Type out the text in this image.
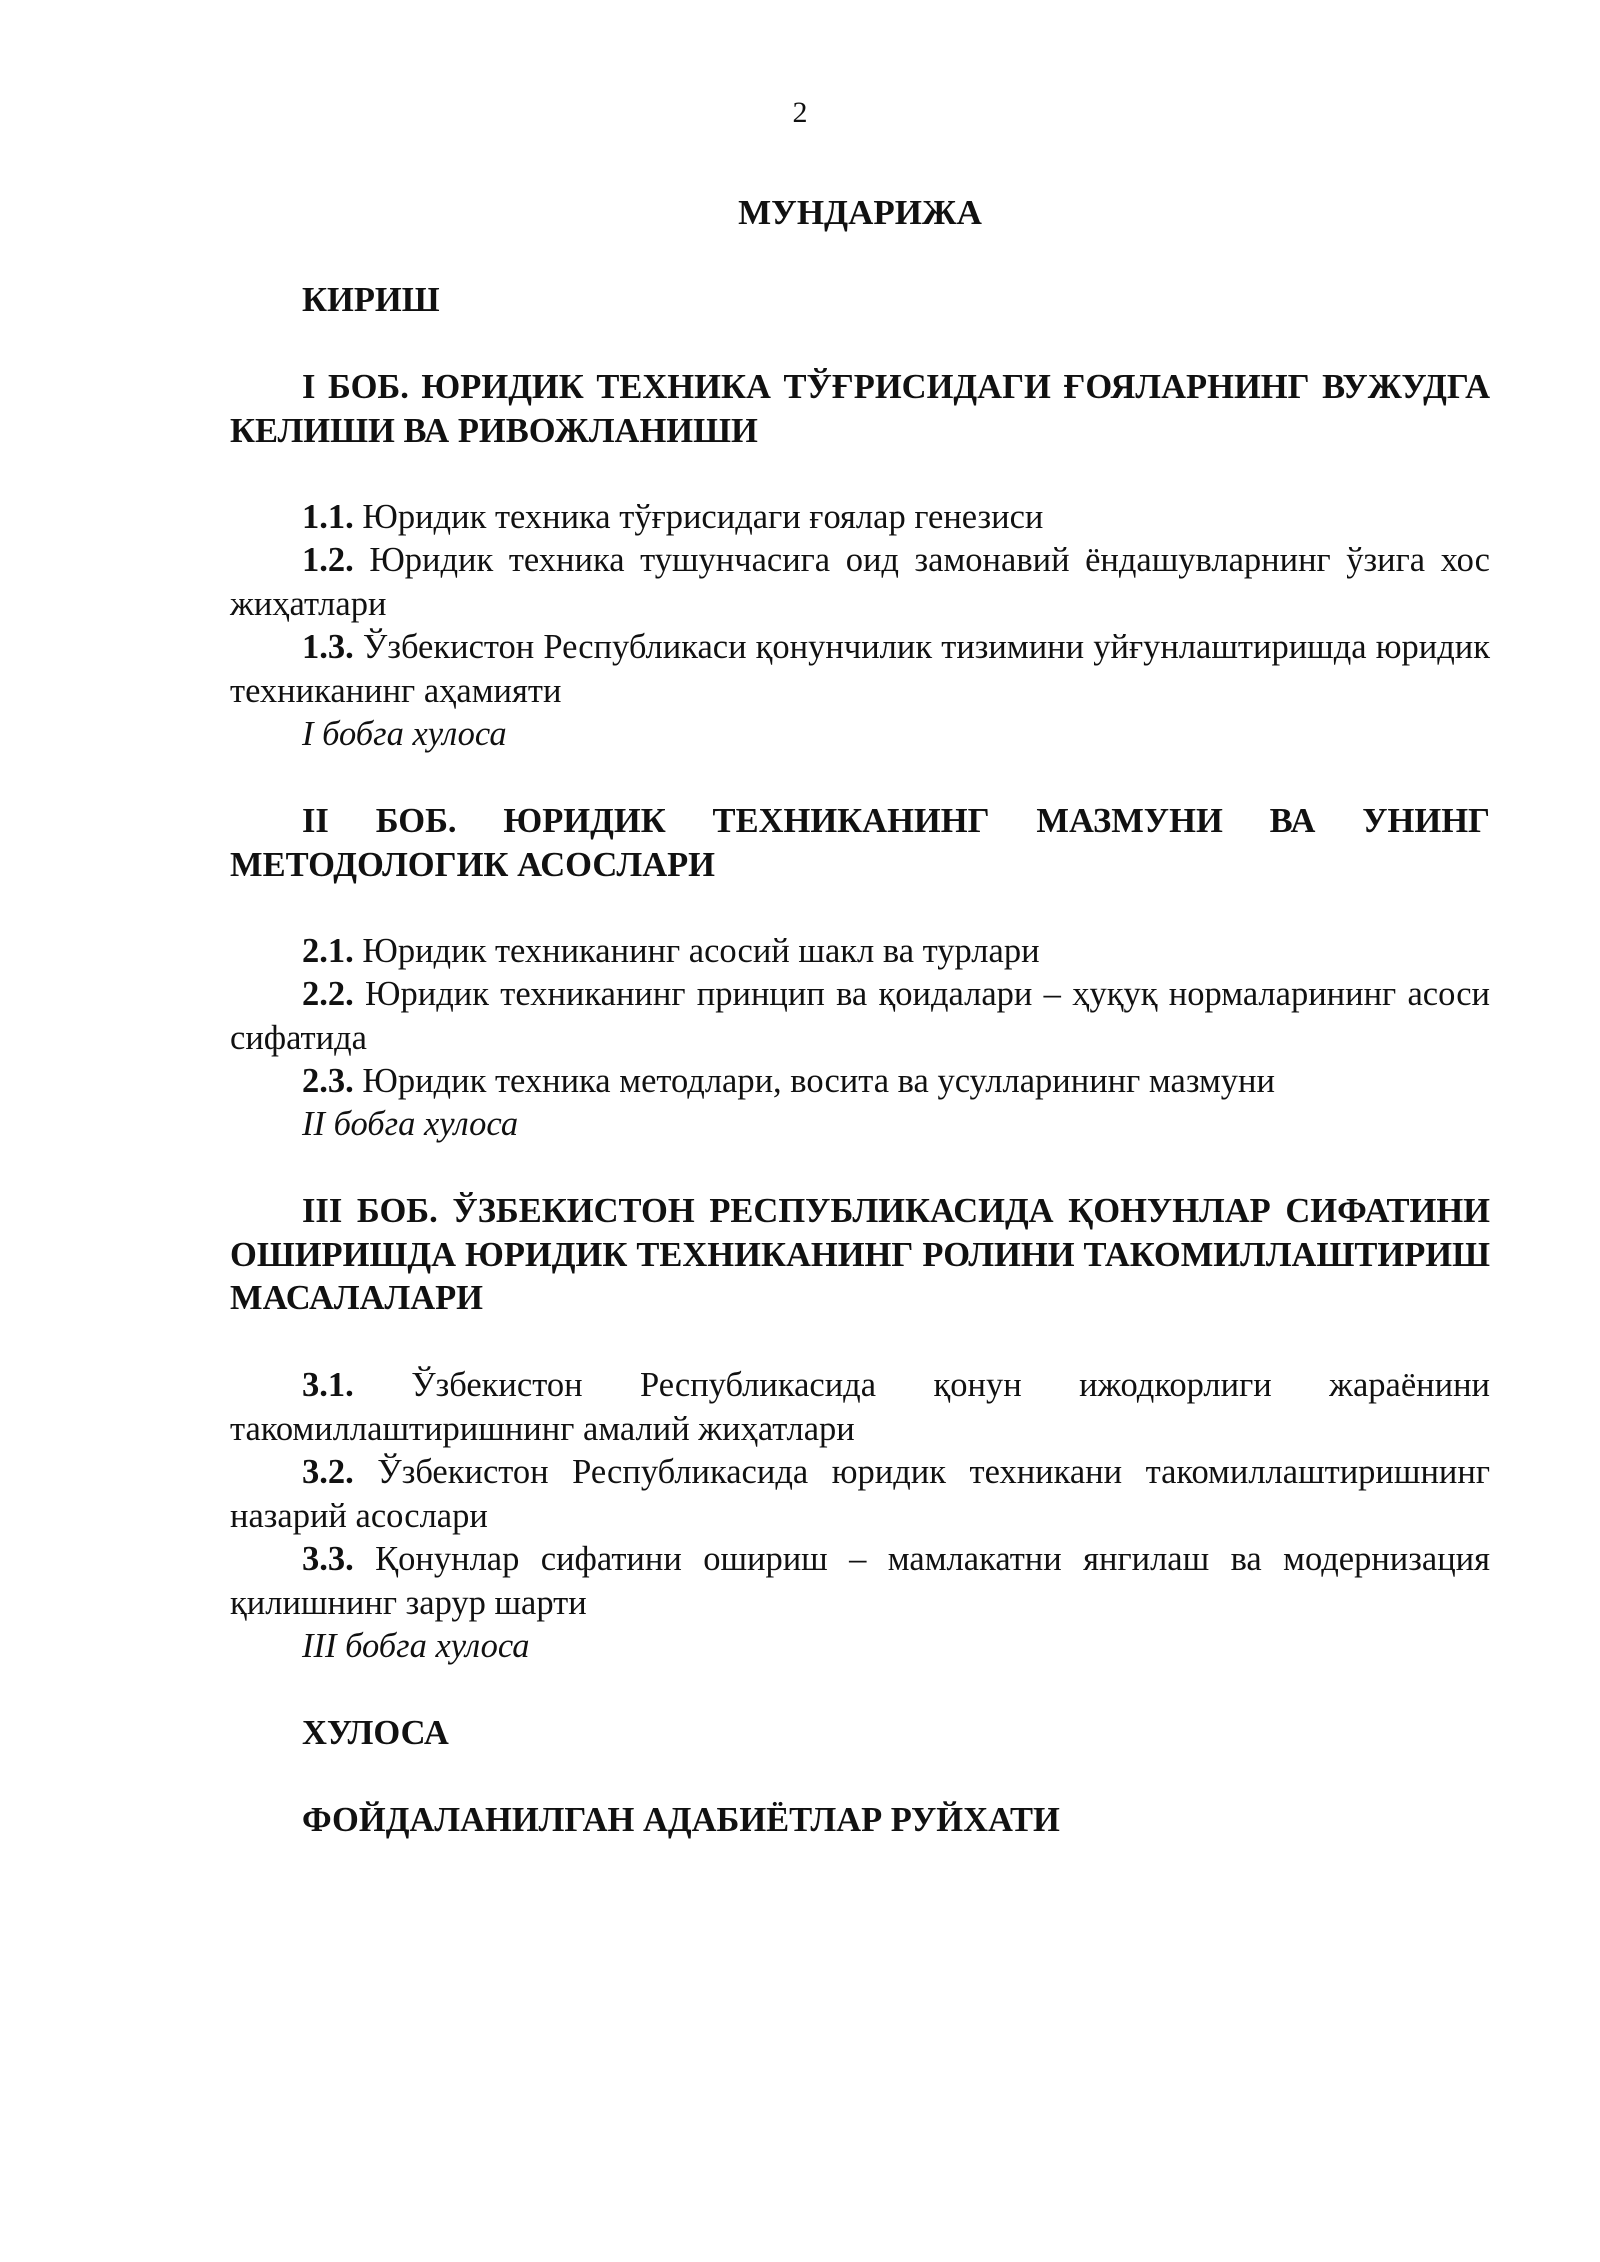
2
МУНДАРИЖА
КИРИШ
I БОБ. ЮРИДИК ТЕХНИКА ТЎҒРИСИДАГИ ҒОЯЛАРНИНГ ВУЖУДГА КЕЛИШИ ВА РИВОЖЛАНИШИ
1.1. Юридик техника тўғрисидаги ғоялар генезиси
1.2. Юридик техника тушунчасига оид замонавий ёндашувларнинг ўзига хос жиҳатлари
1.3. Ўзбекистон Республикаси қонунчилик тизимини уйғунлаштиришда юридик техниканинг аҳамияти
I бобга хулоса
II БОБ. ЮРИДИК ТЕХНИКАНИНГ МАЗМУНИ ВА УНИНГ МЕТОДОЛОГИК АСОСЛАРИ
2.1. Юридик техниканинг асосий шакл ва турлари
2.2. Юридик техниканинг принцип ва қоидалари – ҳуқуқ нормаларининг асоси сифатида
2.3. Юридик техника методлари, восита ва усулларининг мазмуни
II бобга хулоса
III БОБ. ЎЗБЕКИСТОН РЕСПУБЛИКАСИДА ҚОНУНЛАР СИФАТИНИ ОШИРИШДА ЮРИДИК ТЕХНИКАНИНГ РОЛИНИ ТАКОМИЛЛАШТИРИШ МАСАЛАЛАРИ
3.1. Ўзбекистон Республикасида қонун ижодкорлиги жараёнини такомиллаштиришнинг амалий жиҳатлари
3.2. Ўзбекистон Республикасида юридик техникани такомиллаштиришнинг назарий асослари
3.3. Қонунлар сифатини ошириш – мамлакатни янгилаш ва модернизация қилишнинг зарур шарти
III бобга хулоса
ХУЛОСА
ФОЙДАЛАНИЛГАН АДАБИЁТЛАР РУЙХАТИ
